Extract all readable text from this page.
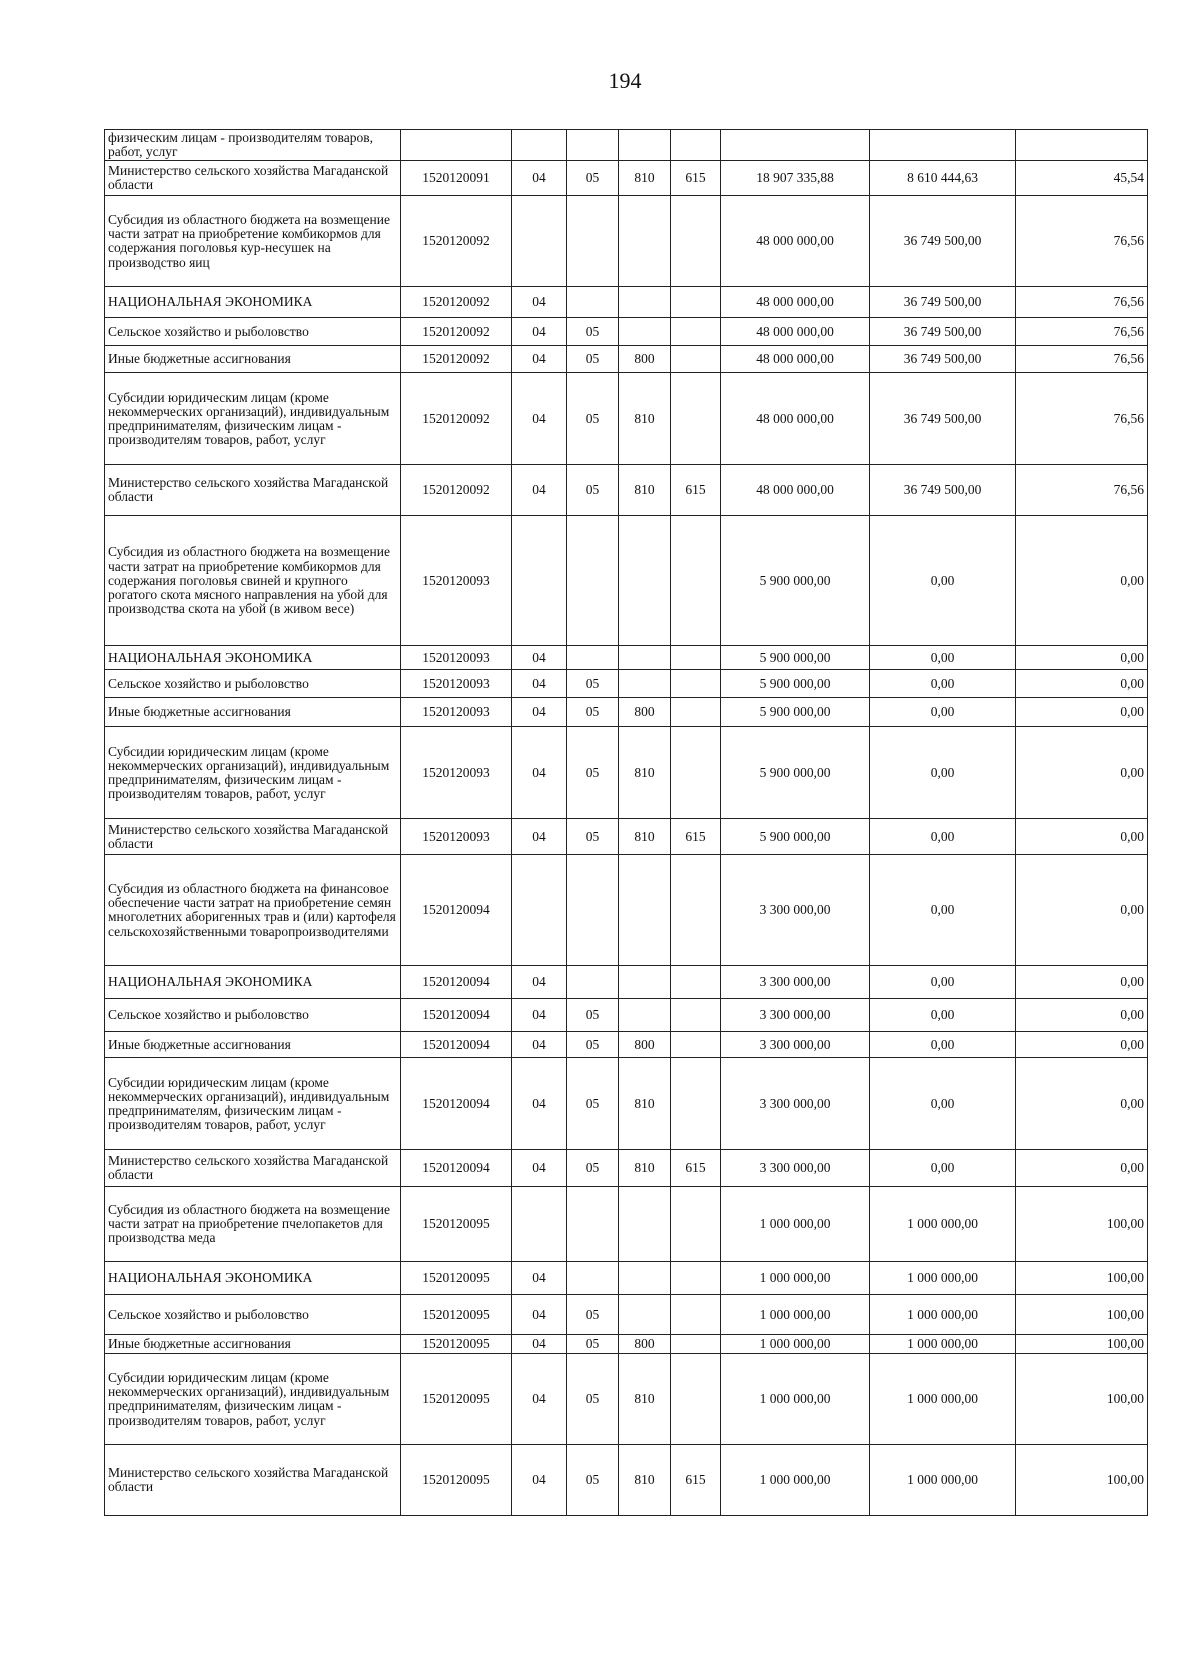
194
физическим лицам - производителям товаров, работ, услуг								
Министерство сельского хозяйства Магаданской области	1520120091	04	05	810	615	18 907 335,88	8 610 444,63	45,54
Субсидия из областного бюджета на возмещение части затрат на приобретение комбикормов для содержания поголовья кур-несушек на производство яиц	1520120092					48 000 000,00	36 749 500,00	76,56
НАЦИОНАЛЬНАЯ ЭКОНОМИКА	1520120092	04				48 000 000,00	36 749 500,00	76,56
Сельское хозяйство и рыболовство	1520120092	04	05			48 000 000,00	36 749 500,00	76,56
Иные бюджетные ассигнования	1520120092	04	05	800		48 000 000,00	36 749 500,00	76,56
Субсидии юридическим лицам (кроме некоммерческих организаций), индивидуальным предпринимателям, физическим лицам - производителям товаров, работ, услуг	1520120092	04	05	810		48 000 000,00	36 749 500,00	76,56
Министерство сельского хозяйства Магаданской области	1520120092	04	05	810	615	48 000 000,00	36 749 500,00	76,56
Субсидия из областного бюджета на возмещение части затрат на приобретение комбикормов для содержания поголовья свиней и крупного рогатого скота мясного направления на убой для производства скота на убой (в живом весе)	1520120093					5 900 000,00	0,00	0,00
НАЦИОНАЛЬНАЯ ЭКОНОМИКА	1520120093	04				5 900 000,00	0,00	0,00
Сельское хозяйство и рыболовство	1520120093	04	05			5 900 000,00	0,00	0,00
Иные бюджетные ассигнования	1520120093	04	05	800		5 900 000,00	0,00	0,00
Субсидии юридическим лицам (кроме некоммерческих организаций), индивидуальным предпринимателям, физическим лицам - производителям товаров, работ, услуг	1520120093	04	05	810		5 900 000,00	0,00	0,00
Министерство сельского хозяйства Магаданской области	1520120093	04	05	810	615	5 900 000,00	0,00	0,00
Субсидия из областного бюджета на финансовое обеспечение части затрат на приобретение семян многолетних аборигенных трав и (или) картофеля сельскохозяйственными товаропроизводителями	1520120094					3 300 000,00	0,00	0,00
НАЦИОНАЛЬНАЯ ЭКОНОМИКА	1520120094	04				3 300 000,00	0,00	0,00
Сельское хозяйство и рыболовство	1520120094	04	05			3 300 000,00	0,00	0,00
Иные бюджетные ассигнования	1520120094	04	05	800		3 300 000,00	0,00	0,00
Субсидии юридическим лицам (кроме некоммерческих организаций), индивидуальным предпринимателям, физическим лицам - производителям товаров, работ, услуг	1520120094	04	05	810		3 300 000,00	0,00	0,00
Министерство сельского хозяйства Магаданской области	1520120094	04	05	810	615	3 300 000,00	0,00	0,00
Субсидия из областного бюджета на возмещение части затрат на приобретение пчелопакетов для производства меда	1520120095					1 000 000,00	1 000 000,00	100,00
НАЦИОНАЛЬНАЯ ЭКОНОМИКА	1520120095	04				1 000 000,00	1 000 000,00	100,00
Сельское хозяйство и рыболовство	1520120095	04	05			1 000 000,00	1 000 000,00	100,00
Иные бюджетные ассигнования	1520120095	04	05	800		1 000 000,00	1 000 000,00	100,00
Субсидии юридическим лицам (кроме некоммерческих организаций), индивидуальным предпринимателям, физическим лицам - производителям товаров, работ, услуг	1520120095	04	05	810		1 000 000,00	1 000 000,00	100,00
Министерство сельского хозяйства Магаданской области	1520120095	04	05	810	615	1 000 000,00	1 000 000,00	100,00
